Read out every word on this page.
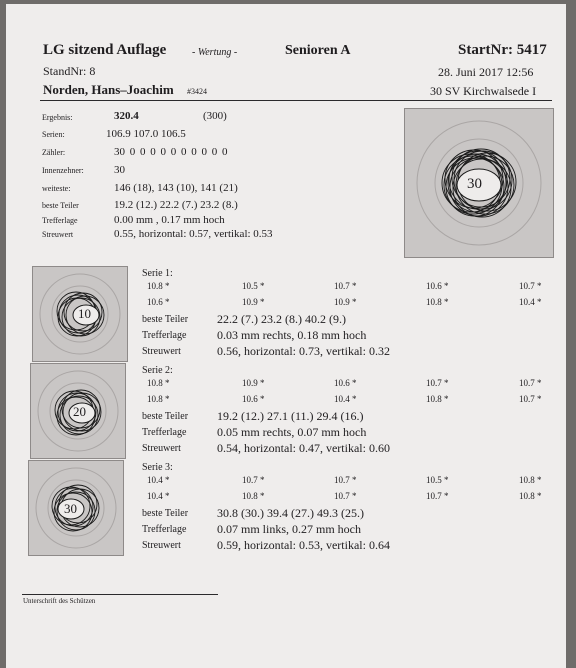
LG sitzend Auflage	- Wertung -	Senioren A	StartNr: 5417
StandNr: 8	28. Juni 2017 12:56
Norden, Hans–Joachim #3424	30 SV Kirchwalsede I
Ergebnis:	320.4	(300)
Serien:	106.9 107.0 106.5
Zähler:	30 0 0 0 0 0 0 0 0 0 0
Innenzehner:	30
weiteste:	146 (18), 143 (10), 141 (21)
beste Teiler	19.2 (12.) 22.2 (7.) 23.2 (8.)
Trefferlage	0.00 mm , 0.17 mm hoch
Streuwert	0.55, horizontal: 0.57, vertikal: 0.53
30
10
Serie 1:
10.8 *	10.5 *	10.7 *	10.6 *	10.7 *
10.6 *	10.9 *	10.9 *	10.8 *	10.4 *
beste Teiler 22.2 (7.) 23.2 (8.) 40.2 (9.)
Trefferlage	0.03 mm rechts, 0.18 mm hoch
Streuwert	0.56, horizontal: 0.73, vertikal: 0.32
20
Serie 2:
10.8 *	10.9 *	10.6 *	10.7 *	10.7 *
10.8 *	10.6 *	10.4 *	10.8 *	10.7 *
beste Teiler 19.2 (12.) 27.1 (11.) 29.4 (16.)
Trefferlage	0.05 mm rechts, 0.07 mm hoch
Streuwert	0.54, horizontal: 0.47, vertikal: 0.60
30
Serie 3:
10.4 *	10.7 *	10.7 *	10.5 *	10.8 *
10.4 *	10.8 *	10.7 *	10.7 *	10.8 *
beste Teiler 30.8 (30.) 39.4 (27.) 49.3 (25.)
Trefferlage	0.07 mm links, 0.27 mm hoch
Streuwert	0.59, horizontal: 0.53, vertikal: 0.64
Unterschrift des Schützen
